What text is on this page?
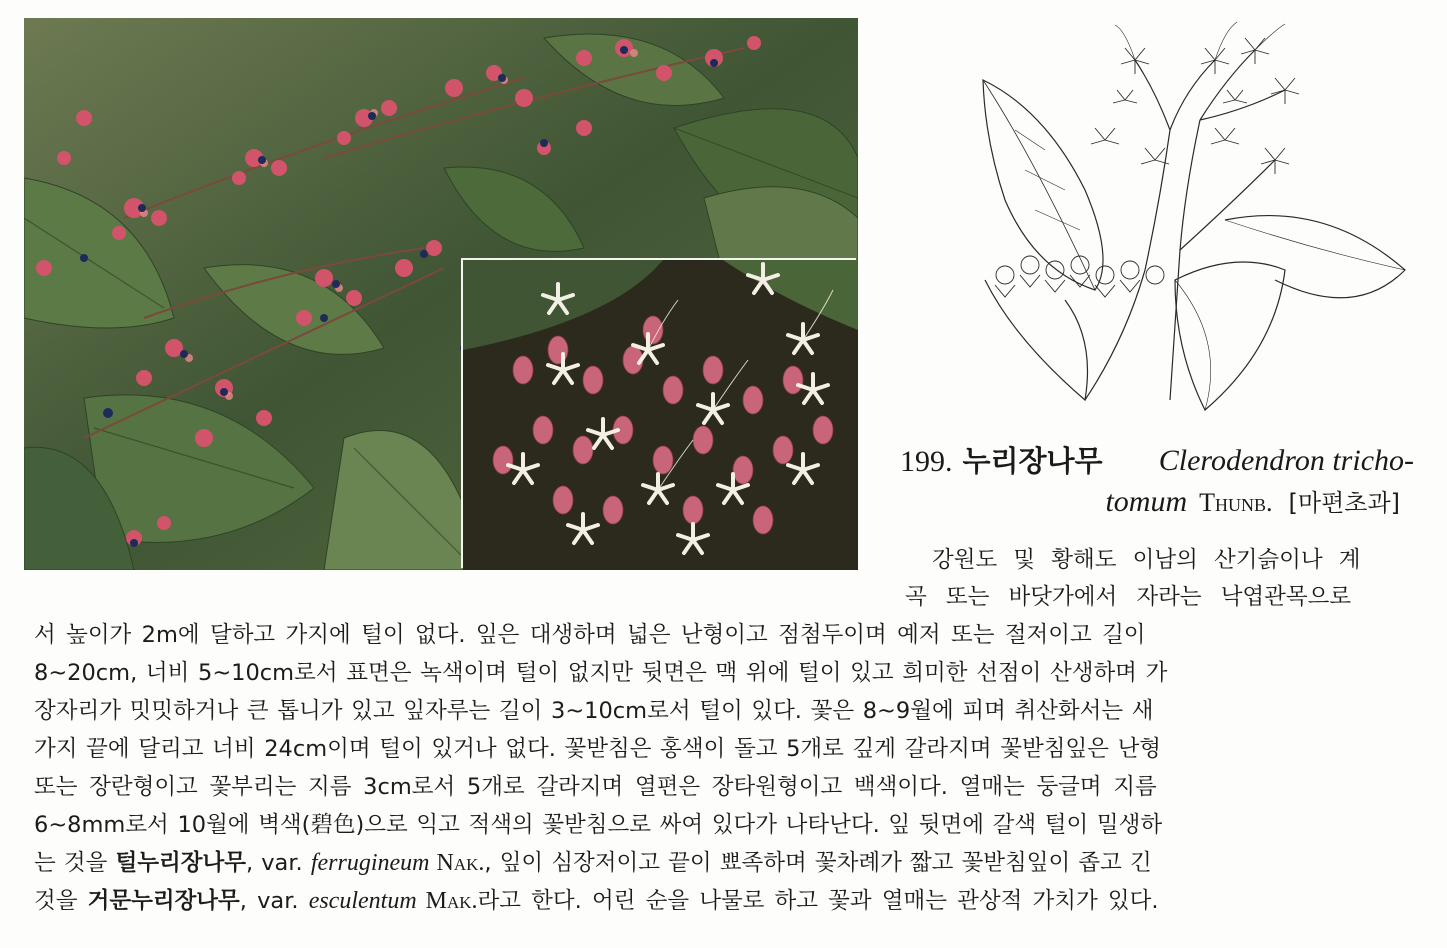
199. 누리장나무 Clerodendron tricho-
tomum Thunb. [마편초과]
강원도 및 황해도 이남의 산기슭이나 계
곡 또는 바닷가에서 자라는 낙엽관목으로
서 높이가 2m에 달하고 가지에 털이 없다. 잎은 대생하며 넓은 난형이고 점첨두이며 예저 또는 절저이고 길이
8~20cm, 너비 5~10cm로서 표면은 녹색이며 털이 없지만 뒷면은 맥 위에 털이 있고 희미한 선점이 산생하며 가
장자리가 밋밋하거나 큰 톱니가 있고 잎자루는 길이 3~10cm로서 털이 있다. 꽃은 8~9월에 피며 취산화서는 새
가지 끝에 달리고 너비 24cm이며 털이 있거나 없다. 꽃받침은 홍색이 돌고 5개로 깊게 갈라지며 꽃받침잎은 난형
또는 장란형이고 꽃부리는 지름 3cm로서 5개로 갈라지며 열편은 장타원형이고 백색이다. 열매는 둥글며 지름
6~8mm로서 10월에 벽색(碧色)으로 익고 적색의 꽃받침으로 싸여 있다가 나타난다. 잎 뒷면에 갈색 털이 밀생하
는 것을 털누리장나무, var. ferrugineum Nak., 잎이 심장저이고 끝이 뾰족하며 꽃차례가 짧고 꽃받침잎이 좁고 긴
것을 거문누리장나무, var. esculentum Mak.라고 한다. 어린 순을 나물로 하고 꽃과 열매는 관상적 가치가 있다.
